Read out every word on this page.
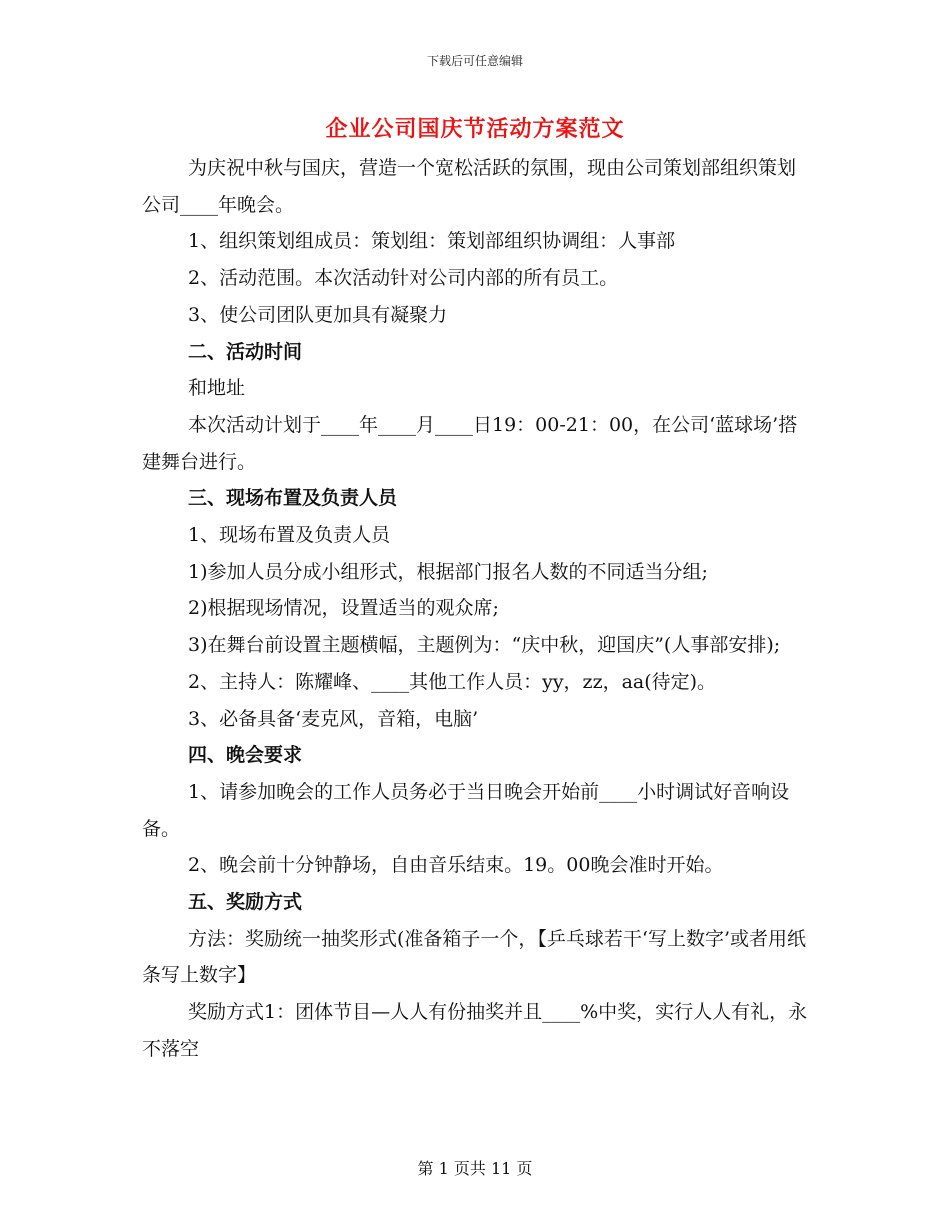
下载后可任意编辑
企业公司国庆节活动方案范文

为庆祝中秋与国庆，营造一个宽松活跃的氛围，现由公司策划部组织策划公司____年晚会。

1、组织策划组成员：策划组：策划部组织协调组：人事部

2、活动范围。本次活动针对公司内部的所有员工。

3、使公司团队更加具有凝聚力

二、活动时间

和地址

本次活动计划于____年____月____日19：00-21：00，在公司‘蓝球场’搭建舞台进行。

三、现场布置及负责人员

1、现场布置及负责人员

1)参加人员分成小组形式，根据部门报名人数的不同适当分组;

2)根据现场情况，设置适当的观众席;

3)在舞台前设置主题横幅，主题例为：“庆中秋，迎国庆”(人事部安排);

2、主持人：陈耀峰、____其他工作人员：yy，zz，aa(待定)。

3、必备具备‘麦克风，音箱，电脑’

四、晚会要求

1、请参加晚会的工作人员务必于当日晚会开始前____小时调试好音响设备。

2、晚会前十分钟静场，自由音乐结束。19。00晚会准时开始。

五、奖励方式

方法：奖励统一抽奖形式(准备箱子一个，【乒乓球若干‘写上数字’或者用纸条写上数字】

奖励方式1：团体节目—人人有份抽奖并且____%中奖，实行人人有礼，永不落空

第 1 页共 11 页
